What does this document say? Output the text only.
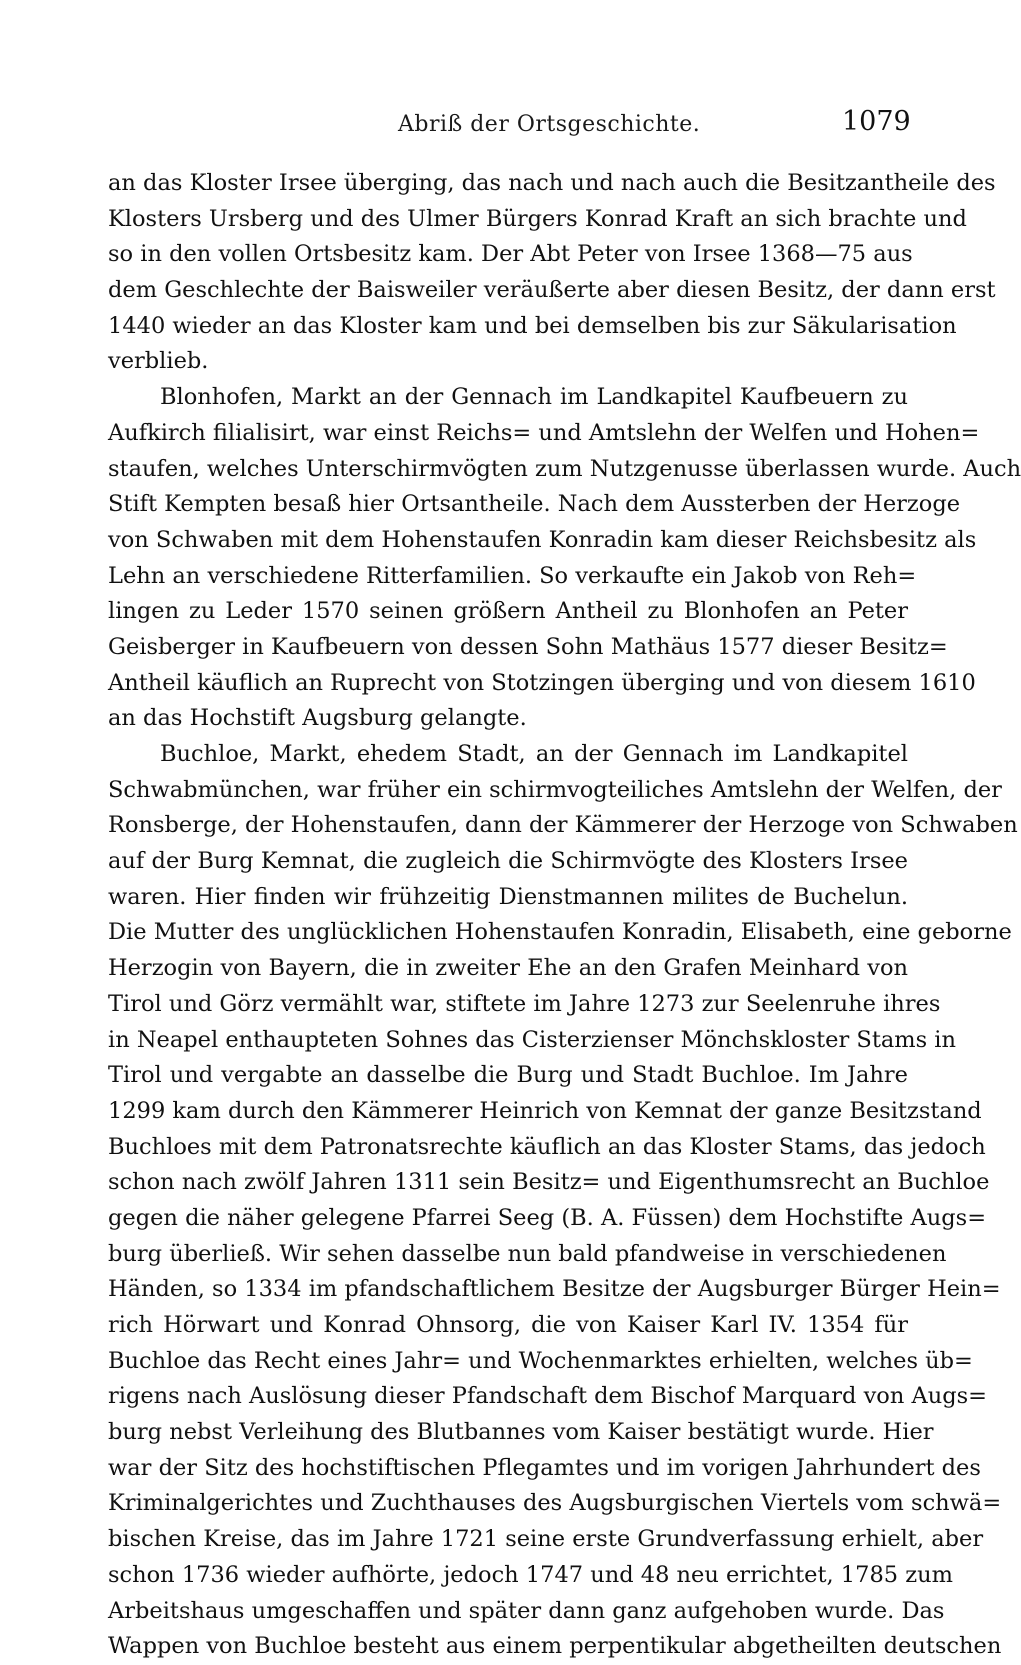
Abriß der Ortsgeschichte.	1079
an das Kloster Irsee überging, das nach und nach auch die Besitzantheile des
Klosters Ursberg und des Ulmer Bürgers Konrad Kraft an sich brachte und
so in den vollen Ortsbesitz kam. Der Abt Peter von Irsee 1368—75 aus
dem Geschlechte der Baisweiler veräußerte aber diesen Besitz, der dann erst
1440 wieder an das Kloster kam und bei demselben bis zur Säkularisation
verblieb.
Blonhofen, Markt an der Gennach im Landkapitel Kaufbeuern zu
Aufkirch filialisirt, war einst Reichs= und Amtslehn der Welfen und Hohen=
staufen, welches Unterschirmvögten zum Nutzgenusse überlassen wurde. Auch
Stift Kempten besaß hier Ortsantheile. Nach dem Aussterben der Herzoge
von Schwaben mit dem Hohenstaufen Konradin kam dieser Reichsbesitz als
Lehn an verschiedene Ritterfamilien. So verkaufte ein Jakob von Reh=
lingen zu Leder 1570 seinen größern Antheil zu Blonhofen an Peter
Geisberger in Kaufbeuern von dessen Sohn Mathäus 1577 dieser Besitz=
Antheil käuflich an Ruprecht von Stotzingen überging und von diesem 1610
an das Hochstift Augsburg gelangte.
Buchloe, Markt, ehedem Stadt, an der Gennach im Landkapitel
Schwabmünchen, war früher ein schirmvogteiliches Amtslehn der Welfen, der
Ronsberge, der Hohenstaufen, dann der Kämmerer der Herzoge von Schwaben
auf der Burg Kemnat, die zugleich die Schirmvögte des Klosters Irsee
waren. Hier finden wir frühzeitig Dienstmannen milites de Buchelun.
Die Mutter des unglücklichen Hohenstaufen Konradin, Elisabeth, eine geborne
Herzogin von Bayern, die in zweiter Ehe an den Grafen Meinhard von
Tirol und Görz vermählt war, stiftete im Jahre 1273 zur Seelenruhe ihres
in Neapel enthaupteten Sohnes das Cisterzienser Mönchskloster Stams in
Tirol und vergabte an dasselbe die Burg und Stadt Buchloe. Im Jahre
1299 kam durch den Kämmerer Heinrich von Kemnat der ganze Besitzstand
Buchloes mit dem Patronatsrechte käuflich an das Kloster Stams, das jedoch
schon nach zwölf Jahren 1311 sein Besitz= und Eigenthumsrecht an Buchloe
gegen die näher gelegene Pfarrei Seeg (B. A. Füssen) dem Hochstifte Augs=
burg überließ. Wir sehen dasselbe nun bald pfandweise in verschiedenen
Händen, so 1334 im pfandschaftlichem Besitze der Augsburger Bürger Hein=
rich Hörwart und Konrad Ohnsorg, die von Kaiser Karl IV. 1354 für
Buchloe das Recht eines Jahr= und Wochenmarktes erhielten, welches üb=
rigens nach Auslösung dieser Pfandschaft dem Bischof Marquard von Augs=
burg nebst Verleihung des Blutbannes vom Kaiser bestätigt wurde. Hier
war der Sitz des hochstiftischen Pflegamtes und im vorigen Jahrhundert des
Kriminalgerichtes und Zuchthauses des Augsburgischen Viertels vom schwä=
bischen Kreise, das im Jahre 1721 seine erste Grundverfassung erhielt, aber
schon 1736 wieder aufhörte, jedoch 1747 und 48 neu errichtet, 1785 zum
Arbeitshaus umgeschaffen und später dann ganz aufgehoben wurde. Das
Wappen von Buchloe besteht aus einem perpentikular abgetheilten deutschen
